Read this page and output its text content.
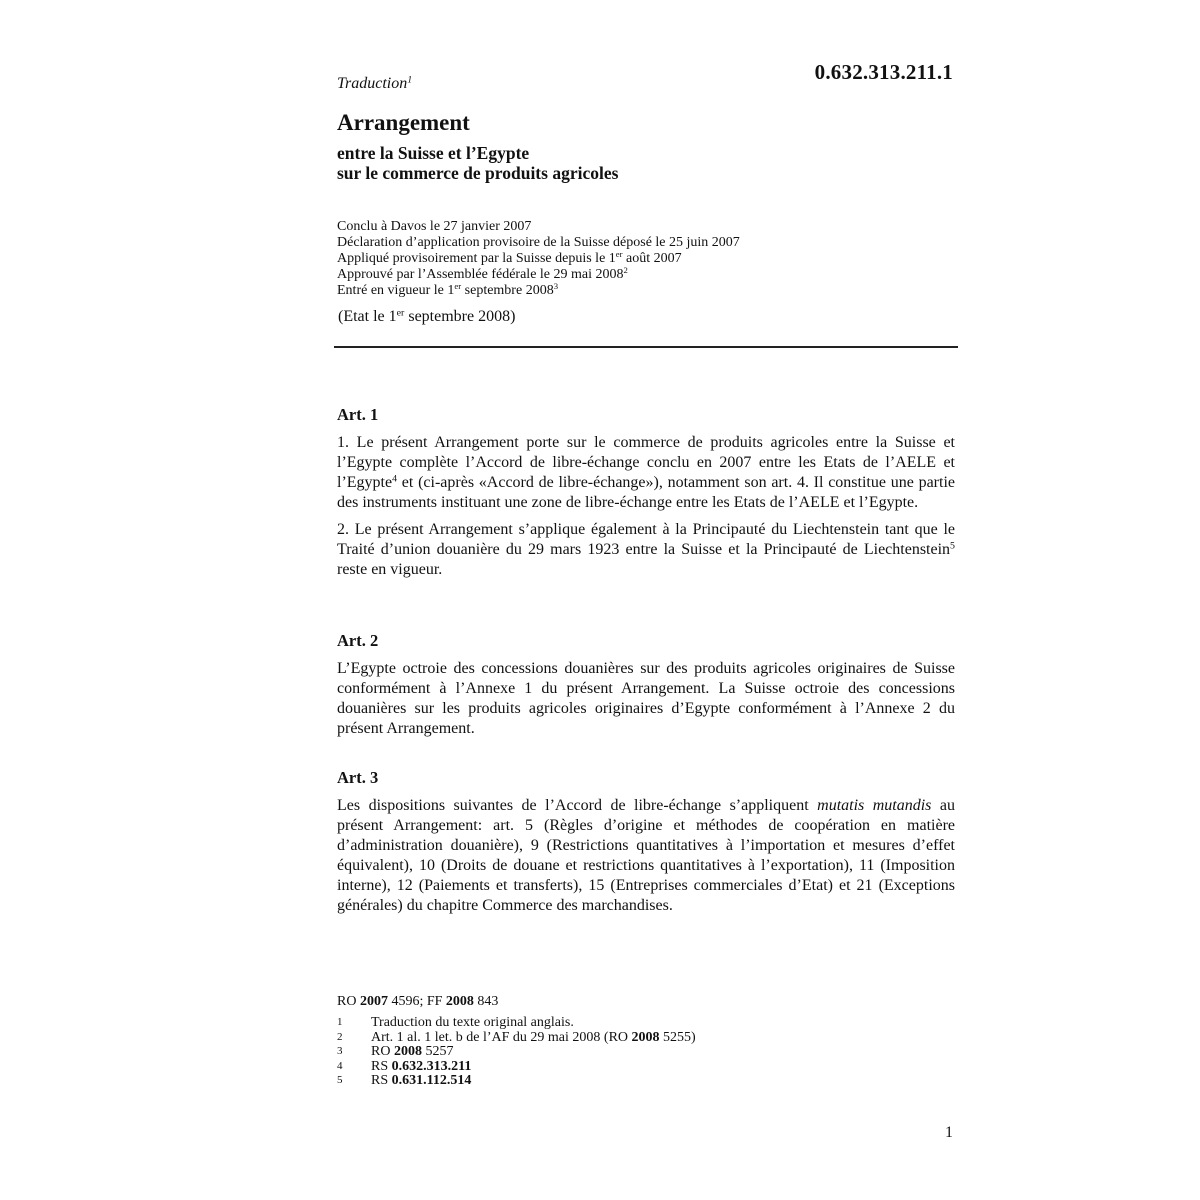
0.632.313.211.1
Traduction$^1$
Arrangement
entre la Suisse et l’Egypte
sur le commerce de produits agricoles
Conclu à Davos le 27 janvier 2007
Déclaration d’application provisoire de la Suisse déposé le 25 juin 2007
Appliqué provisoirement par la Suisse depuis le 1er août 2007
Approuvé par l’Assemblée fédérale le 29 mai 2008$^2$
Entré en vigueur le 1er septembre 2008$^3$
(Etat le 1er septembre 2008)
Art. 1

1. Le présent Arrangement porte sur le commerce de produits agricoles entre la Suisse et l’Egypte complète l’Accord de libre-échange conclu en 2007 entre les Etats de l’AELE et l’Egypte$^4$ et (ci-après «Accord de libre-échange»), notamment son art. 4. Il constitue une partie des instruments instituant une zone de libre-échange entre les Etats de l’AELE et l’Egypte.

2. Le présent Arrangement s’applique également à la Principauté du Liechtenstein tant que le Traité d’union douanière du 29 mars 1923 entre la Suisse et la Principauté de Liechtenstein$^5$ reste en vigueur.

Art. 2

L’Egypte octroie des concessions douanières sur des produits agricoles originaires de Suisse conformément à l’Annexe 1 du présent Arrangement. La Suisse octroie des concessions douanières sur les produits agricoles originaires d’Egypte conformément à l’Annexe 2 du présent Arrangement.

Art. 3

Les dispositions suivantes de l’Accord de libre-échange s’appliquent mutatis mutandis au présent Arrangement: art. 5 (Règles d’origine et méthodes de coopération en matière d’administration douanière), 9 (Restrictions quantitatives à l’importation et mesures d’effet équivalent), 10 (Droits de douane et restrictions quantitatives à l’exportation), 11 (Imposition interne), 12 (Paiements et transferts), 15 (Entreprises commerciales d’Etat) et 21 (Exceptions générales) du chapitre Commerce des marchandises.

RO 2007 4596; FF 2008 843
1	Traduction du texte original anglais.
2	Art. 1 al. 1 let. b de l’AF du 29 mai 2008 (RO 2008 5255)
3	RO 2008 5257
4	RS 0.632.313.211
5	RS 0.631.112.514
1
